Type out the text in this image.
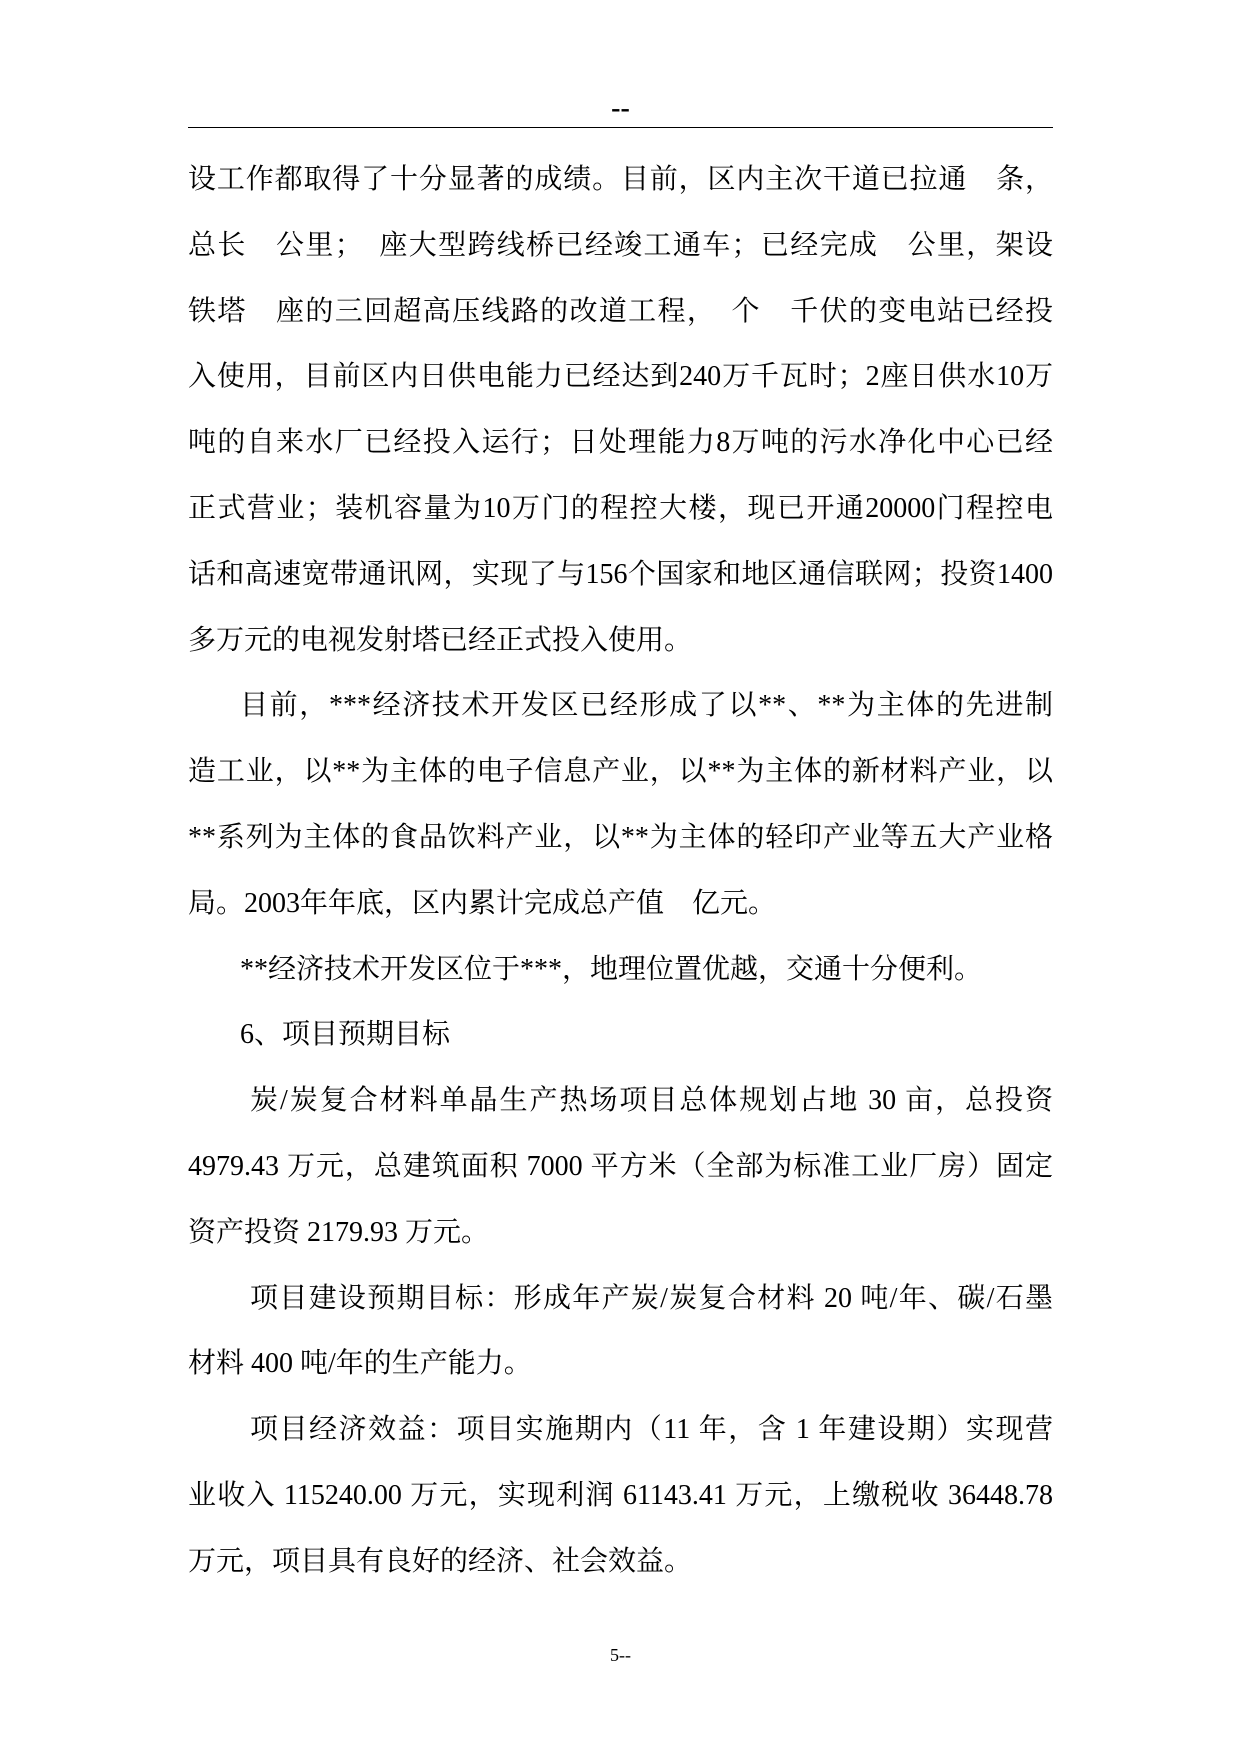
--
设工作都取得了十分显著的成绩。目前，区内主次干道已拉通　条，
总长　公里；　座大型跨线桥已经竣工通车；已经完成　公里，架设
铁塔　座的三回超高压线路的改道工程，　个　千伏的变电站已经投
入使用，目前区内日供电能力已经达到240万千瓦时；2座日供水10万
吨的自来水厂已经投入运行；日处理能力8万吨的污水净化中心已经
正式营业；装机容量为10万门的程控大楼，现已开通20000门程控电
话和高速宽带通讯网，实现了与156个国家和地区通信联网；投资1400
多万元的电视发射塔已经正式投入使用。
目前，***经济技术开发区已经形成了以**、**为主体的先进制
造工业，以**为主体的电子信息产业，以**为主体的新材料产业，以
**系列为主体的食品饮料产业，以**为主体的轻印产业等五大产业格
局。2003年年底，区内累计完成总产值　亿元。
**经济技术开发区位于***，地理位置优越，交通十分便利。
6、项目预期目标
炭/炭复合材料单晶生产热场项目总体规划占地 30 亩，总投资
4979.43 万元，总建筑面积 7000 平方米（全部为标准工业厂房）固定
资产投资 2179.93 万元。
项目建设预期目标：形成年产炭/炭复合材料 20 吨/年、碳/石墨
材料 400 吨/年的生产能力。
项目经济效益：项目实施期内（11 年，含 1 年建设期）实现营
业收入 115240.00 万元，实现利润 61143.41 万元，上缴税收 36448.78
万元，项目具有良好的经济、社会效益。
5--
